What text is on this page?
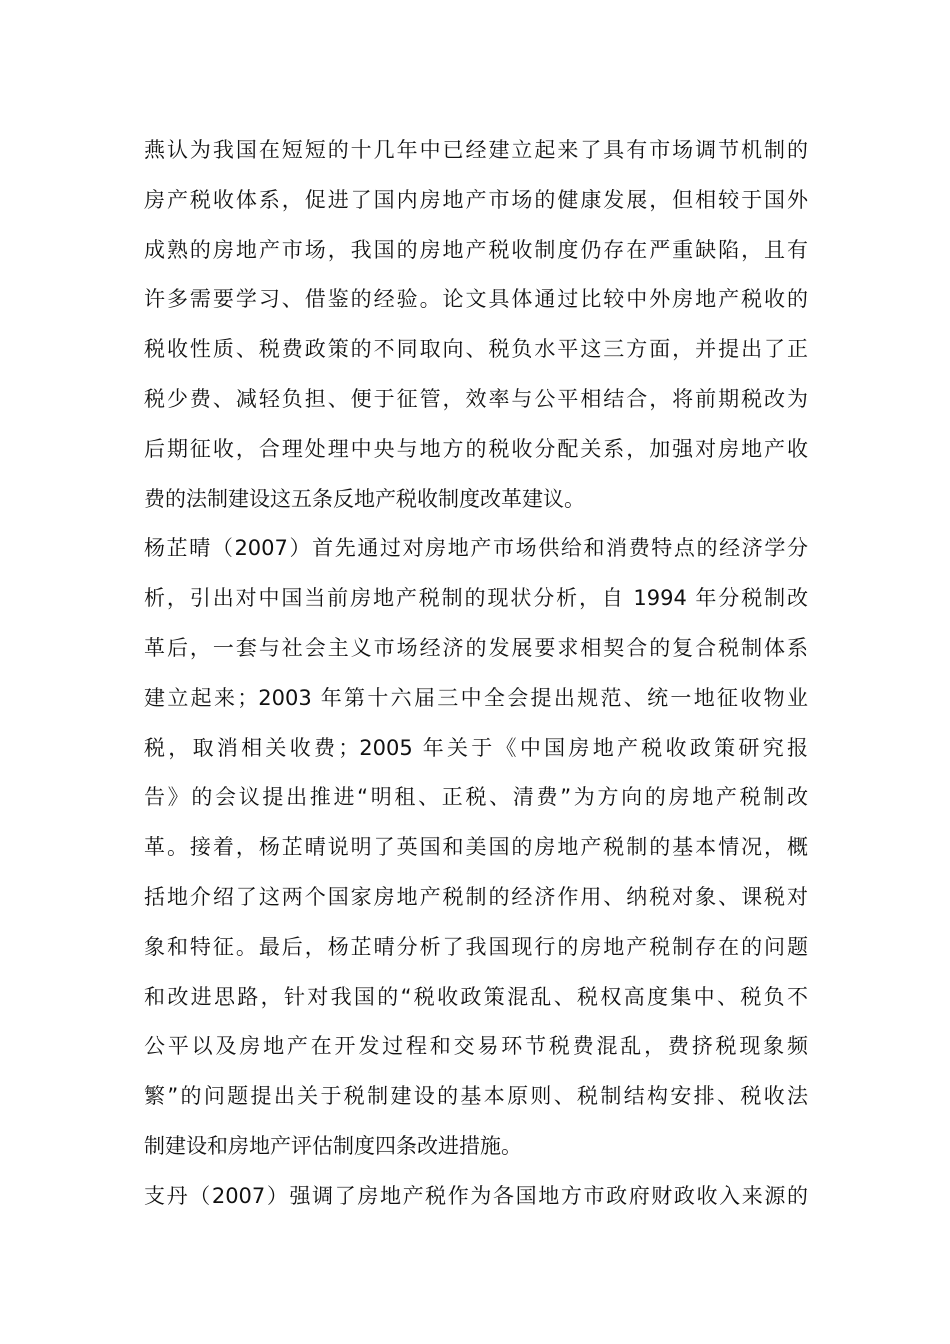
燕认为我国在短短的十几年中已经建立起来了具有市场调节机制的
房产税收体系，促进了国内房地产市场的健康发展，但相较于国外
成熟的房地产市场，我国的房地产税收制度仍存在严重缺陷，且有
许多需要学习、借鉴的经验。论文具体通过比较中外房地产税收的
税收性质、税费政策的不同取向、税负水平这三方面，并提出了正
税少费、减轻负担、便于征管，效率与公平相结合，将前期税改为
后期征收，合理处理中央与地方的税收分配关系，加强对房地产收
费的法制建设这五条反地产税收制度改革建议。
杨芷晴（2007）首先通过对房地产市场供给和消费特点的经济学分
析，引出对中国当前房地产税制的现状分析，自 1994 年分税制改
革后，一套与社会主义市场经济的发展要求相契合的复合税制体系
建立起来；2003 年第十六届三中全会提出规范、统一地征收物业
税，取消相关收费；2005 年关于《中国房地产税收政策研究报
告》的会议提出推进“明租、正税、清费”为方向的房地产税制改
革。接着，杨芷晴说明了英国和美国的房地产税制的基本情况，概
括地介绍了这两个国家房地产税制的经济作用、纳税对象、课税对
象和特征。最后，杨芷晴分析了我国现行的房地产税制存在的问题
和改进思路，针对我国的“税收政策混乱、税权高度集中、税负不
公平以及房地产在开发过程和交易环节税费混乱，费挤税现象频
繁”的问题提出关于税制建设的基本原则、税制结构安排、税收法
制建设和房地产评估制度四条改进措施。
支丹（2007）强调了房地产税作为各国地方市政府财政收入来源的
